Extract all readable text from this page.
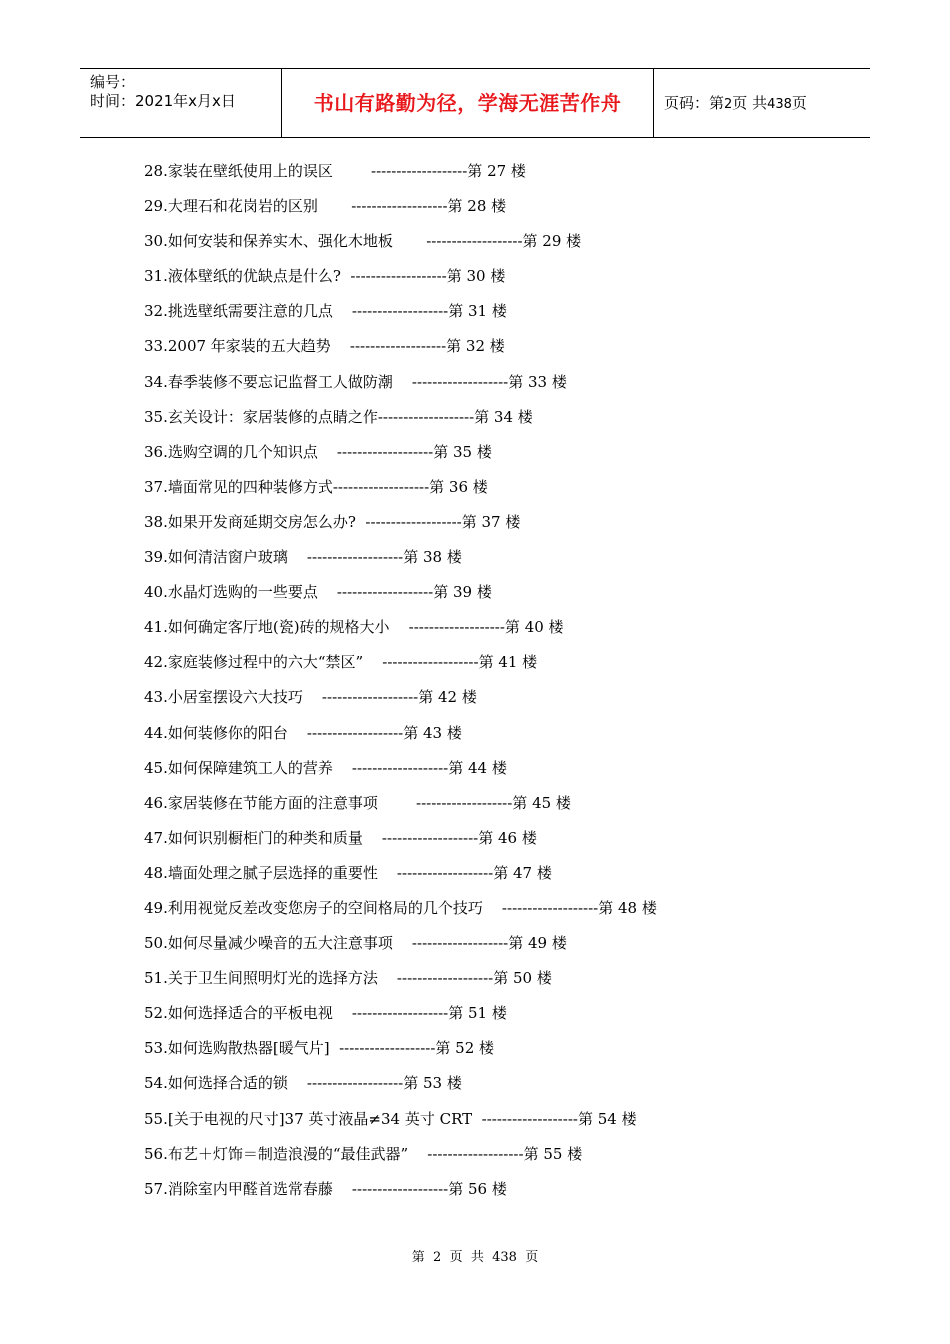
编号：
时间：2021年x月x日	书山有路勤为径，学海无涯苦作舟	页码：第2页 共438页
28.家装在壁纸使用上的误区        -------------------第 27 楼
29.大理石和花岗岩的区别       -------------------第 28 楼
30.如何安装和保养实木、强化木地板       -------------------第 29 楼
31.液体壁纸的优缺点是什么?  -------------------第 30 楼
32.挑选壁纸需要注意的几点    -------------------第 31 楼
33.2007 年家装的五大趋势    -------------------第 32 楼
34.春季装修不要忘记监督工人做防潮    -------------------第 33 楼
35.玄关设计：家居装修的点睛之作-------------------第 34 楼
36.选购空调的几个知识点    -------------------第 35 楼
37.墙面常见的四种装修方式-------------------第 36 楼
38.如果开发商延期交房怎么办?  -------------------第 37 楼
39.如何清洁窗户玻璃    -------------------第 38 楼
40.水晶灯选购的一些要点    -------------------第 39 楼
41.如何确定客厅地(瓷)砖的规格大小    -------------------第 40 楼
42.家庭装修过程中的六大“禁区”    -------------------第 41 楼
43.小居室摆设六大技巧    -------------------第 42 楼
44.如何装修你的阳台    -------------------第 43 楼
45.如何保障建筑工人的营养    -------------------第 44 楼
46.家居装修在节能方面的注意事项        -------------------第 45 楼
47.如何识别橱柜门的种类和质量    -------------------第 46 楼
48.墙面处理之腻子层选择的重要性    -------------------第 47 楼
49.利用视觉反差改变您房子的空间格局的几个技巧    -------------------第 48 楼
50.如何尽量减少噪音的五大注意事项    -------------------第 49 楼
51.关于卫生间照明灯光的选择方法    -------------------第 50 楼
52.如何选择适合的平板电视    -------------------第 51 楼
53.如何选购散热器[暖气片]  -------------------第 52 楼
54.如何选择合适的锁    -------------------第 53 楼
55.[关于电视的尺寸]37 英寸液晶≠34 英寸 CRT  -------------------第 54 楼
56.布艺＋灯饰＝制造浪漫的“最佳武器”    -------------------第 55 楼
57.消除室内甲醛首选常春藤    -------------------第 56 楼
第  2  页  共  438  页
